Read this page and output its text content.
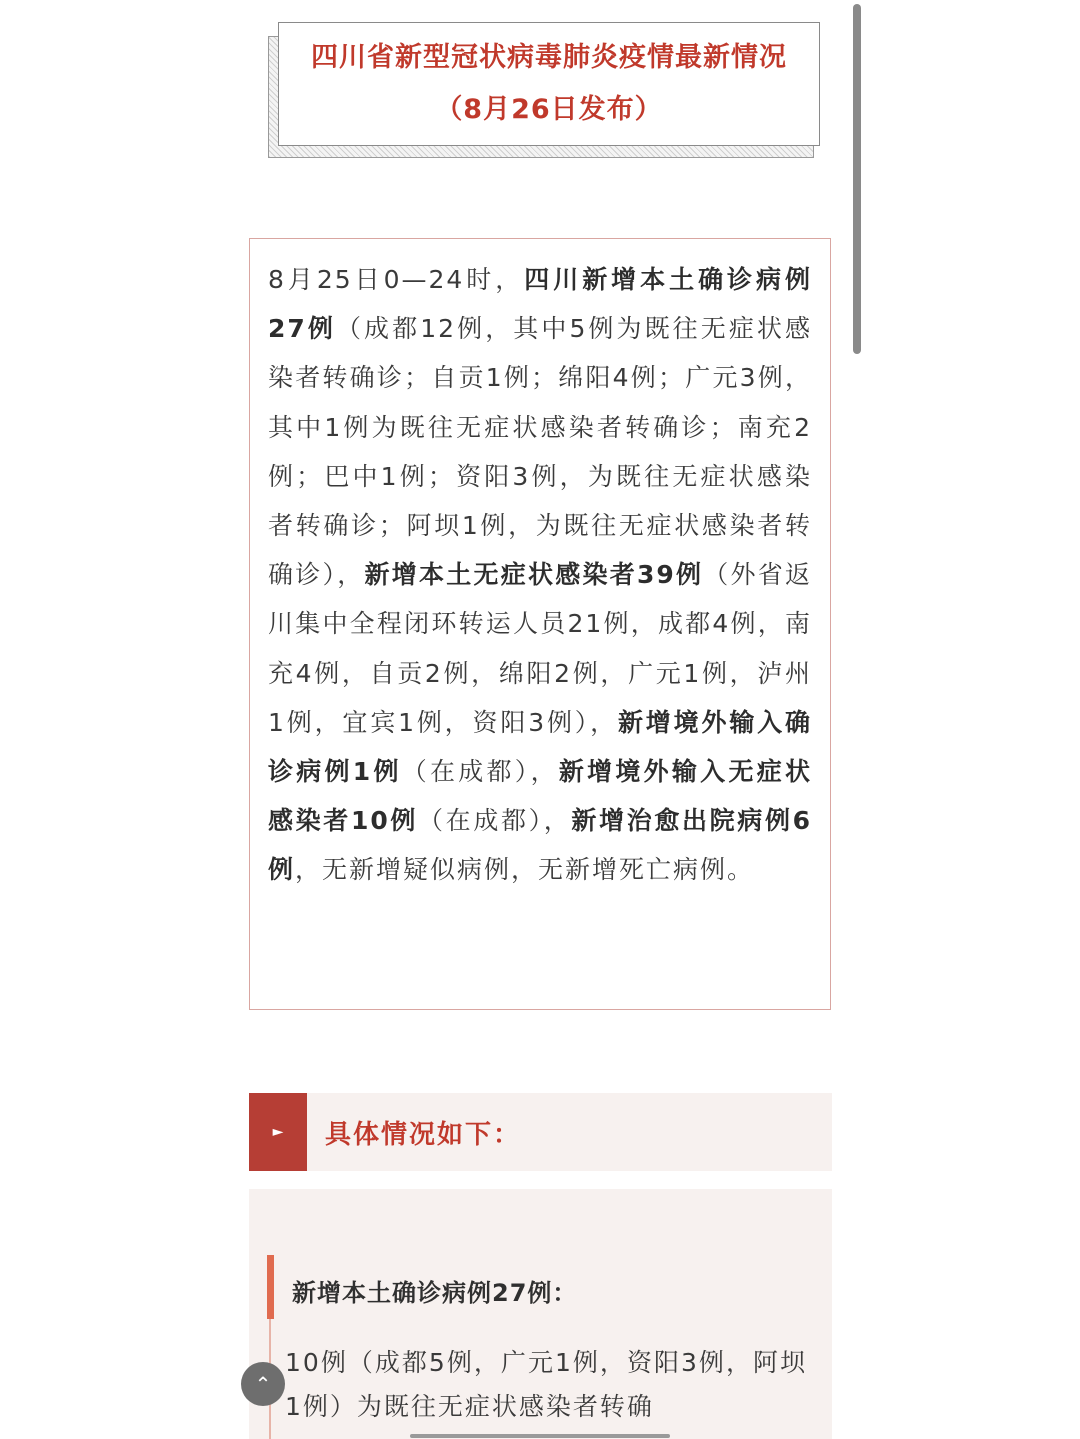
四川省新型冠状病毒肺炎疫情最新情况
（8月26日发布）

8月25日0—24时，四川新增本土确诊病例27例（成都12例，其中5例为既往无症状感染者转确诊；自贡1例；绵阳4例；广元3例，其中1例为既往无症状感染者转确诊；南充2例；巴中1例；资阳3例，为既往无症状感染者转确诊；阿坝1例，为既往无症状感染者转确诊），新增本土无症状感染者39例（外省返川集中全程闭环转运人员21例，成都4例，南充4例，自贡2例，绵阳2例，广元1例，泸州1例，宜宾1例，资阳3例），新增境外输入确诊病例1例（在成都），新增境外输入无症状感染者10例（在成都），新增治愈出院病例6例，无新增疑似病例，无新增死亡病例。

► 具体情况如下：
新增本土确诊病例27例：
10例（成都5例，广元1例，资阳3例，阿坝1例）为既往无症状感染者转确
⌃
